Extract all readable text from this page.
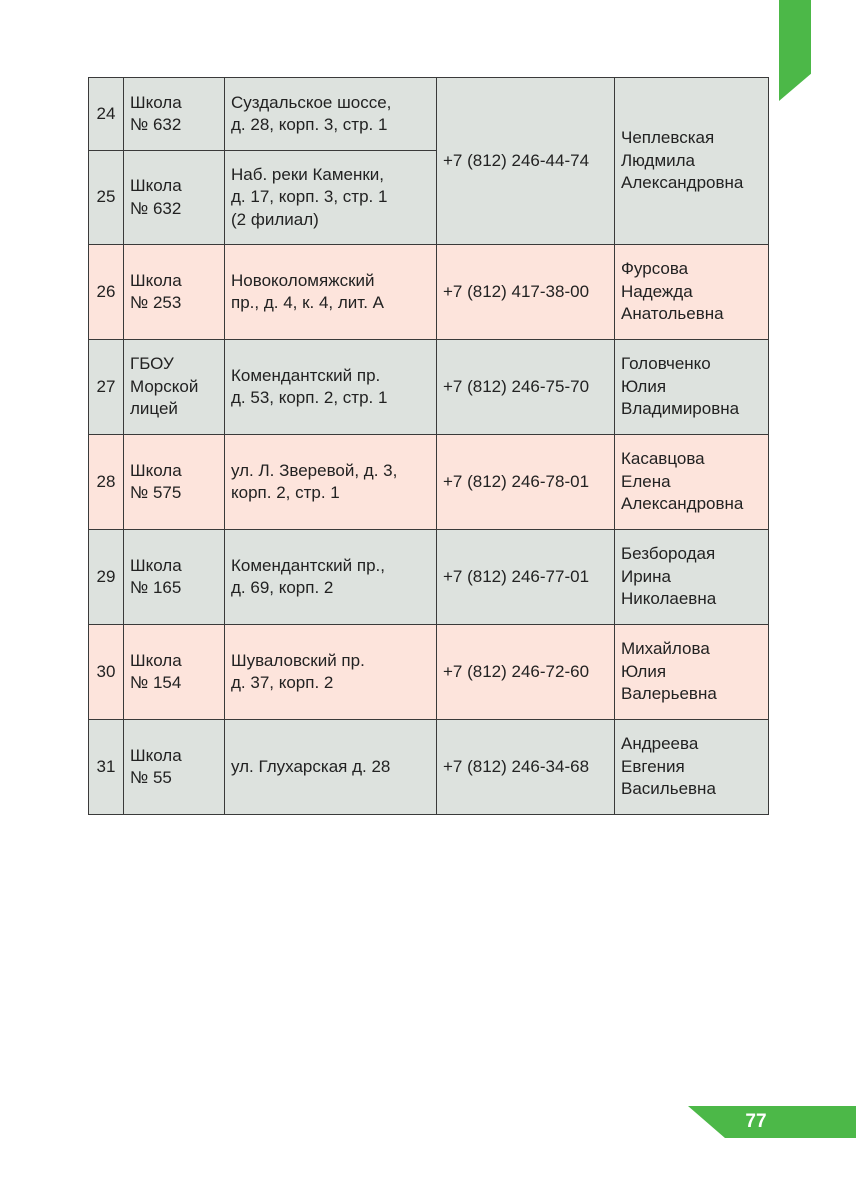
24	Школа
№ 632	Суздальское шоссе,
д. 28, корп. 3, стр. 1	+7 (812) 246-44-74	Чеплевская
Людмила
Александровна
25	Школа
№ 632	Наб. реки Каменки,
д. 17, корп. 3, стр. 1
(2 филиал)		
26	Школа
№ 253	Новоколомяжский
пр., д. 4, к. 4, лит. А	+7 (812) 417-38-00	Фурсова
Надежда
Анатольевна
27	ГБОУ
Морской
лицей	Комендантский пр.
д. 53, корп. 2, стр. 1	+7 (812) 246-75-70	Головченко
Юлия
Владимировна
28	Школа
№ 575	ул. Л. Зверевой, д. 3,
корп. 2, стр. 1	+7 (812) 246-78-01	Касавцова
Елена
Александровна
29	Школа
№ 165	Комендантский пр.,
д. 69, корп. 2	+7 (812) 246-77-01	Безбородая
Ирина
Николаевна
30	Школа
№ 154	Шуваловский пр.
д. 37, корп. 2	+7 (812) 246-72-60	Михайлова
Юлия
Валерьевна
31	Школа
№ 55	ул. Глухарская д. 28	+7 (812) 246-34-68	Андреева
Евгения
Васильевна
77
